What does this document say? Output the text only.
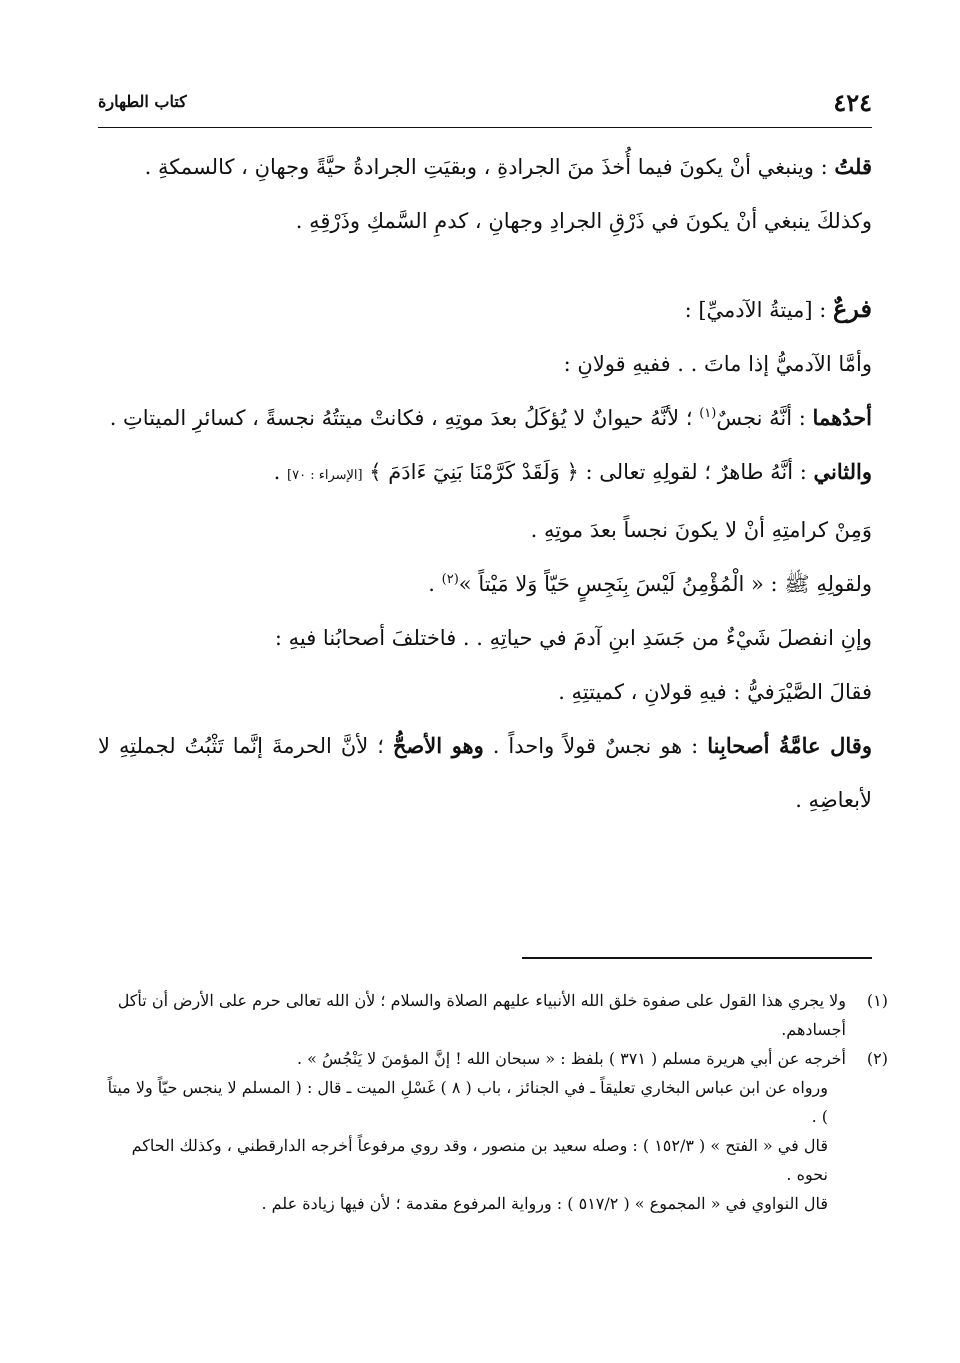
٤٢٤
كتاب الطهارة

قلتُ : وينبغي أنْ يكونَ فيما أُخذَ منَ الجرادةِ ، وبقيَتِ الجرادةُ حيَّةً وجهانِ ، كالسمكةِ .

وكذلكَ ينبغي أنْ يكونَ في ذَرْقِ الجرادِ وجهانِ ، كدمِ السَّمكِ وذَرْقِهِ .

فرعٌ : [ميتةُ الآدميِّ] :

وأمَّا الآدميُّ إذا ماتَ . . ففيهِ قولانِ :

أحدُهما : أنَّهُ نجسٌ$^{(١)}$ ؛ لأنَّهُ حيوانٌ لا يُؤكَلُ بعدَ موتِهِ ، فكانتْ ميتتُهُ نجسةً ، كسائرِ الميتاتِ .

والثاني : أنَّهُ طاهرٌ ؛ لقولِهِ تعالى : ﴿ وَلَقَدْ كَرَّمْنَا بَنِيٓ ءَادَمَ ﴾ [الإسراء : ٧٠] .

وَمِنْ كرامتِهِ أنْ لا يكونَ نجساً بعدَ موتِهِ .

ولقولِهِ ﷺ : « الْمُؤْمِنُ لَيْسَ بِنَجِسٍ حَيّاً وَلا مَيْتاً »$^{(٢)}$ .

وإنِ انفصلَ شَيْءٌ من جَسَدِ ابنِ آدمَ في حياتِهِ . . فاختلفَ أصحابُنا فيهِ :

فقالَ الصَّيْرَفيُّ : فيهِ قولانِ ، كميتتِهِ .

وقال عامَّةُ أصحابِنا : هو نجسٌ قولاً واحداً . وهو الأصحُّ ؛ لأنَّ الحرمةَ إنَّما تَثْبُتُ لجملتِهِ لا لأبعاضِهِ .

(١)

ولا يجري هذا القول على صفوة خلق الله الأنبياء عليهم الصلاة والسلام ؛ لأن الله تعالى حرم على الأرض أن تأكل أجسادهم.

(٢)

أخرجه عن أبي هريرة مسلم ( ٣٧١ ) بلفظ : « سبحان الله ! إنَّ المؤمنَ لا يَنْجُسُ » .

ورواه عن ابن عباس البخاري تعليقاً ـ في الجنائز ، باب ( ٨ ) غَسْلِ الميت ـ قال : ( المسلم لا ينجس حيّاً ولا ميتاً ) .

قال في « الفتح » ( ١٥٢/٣ ) : وصله سعيد بن منصور ، وقد روي مرفوعاً أخرجه الدارقطني ، وكذلك الحاكم نحوه .

قال النواوي في « المجموع » ( ٥١٧/٢ ) : ورواية المرفوع مقدمة ؛ لأن فيها زيادة علم .
